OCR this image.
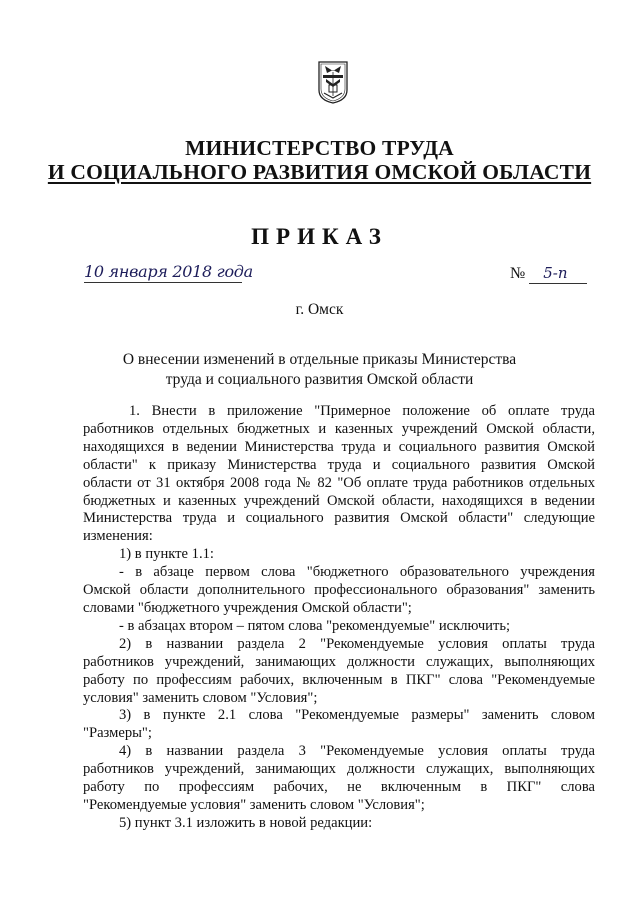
МИНИСТЕРСТВО ТРУДА
И СОЦИАЛЬНОГО РАЗВИТИЯ ОМСКОЙ ОБЛАСТИ
ПРИКАЗ
10 января 2018 года	№ 5-п
г. Омск
О внесении изменений в отдельные приказы Министерства
труда и социального развития Омской области
1. Внести в приложение "Примерное положение об оплате труда
работников отдельных бюджетных и казенных учреждений Омской области,
находящихся в ведении Министерства труда и социального развития Омской
области" к приказу Министерства труда и социального развития Омской
области от 31 октября 2008 года № 82 "Об оплате труда работников отдельных
бюджетных и казенных учреждений Омской области, находящихся в ведении
Министерства труда и социального развития Омской области" следующие
изменения:
1) в пункте 1.1:
- в абзаце первом слова "бюджетного образовательного учреждения
Омской области дополнительного профессионального образования" заменить
словами "бюджетного учреждения Омской области";
- в абзацах втором – пятом слова "рекомендуемые" исключить;
2) в названии раздела 2 "Рекомендуемые условия оплаты труда
работников учреждений, занимающих должности служащих, выполняющих
работу по профессиям рабочих, включенным в ПКГ" слова "Рекомендуемые
условия" заменить словом "Условия";
3) в пункте 2.1 слова "Рекомендуемые размеры" заменить словом
"Размеры";
4) в названии раздела 3 "Рекомендуемые условия оплаты труда
работников учреждений, занимающих должности служащих, выполняющих
работу по профессиям рабочих, не включенным в ПКГ" слова
"Рекомендуемые условия" заменить словом "Условия";
5) пункт 3.1 изложить в новой редакции:
